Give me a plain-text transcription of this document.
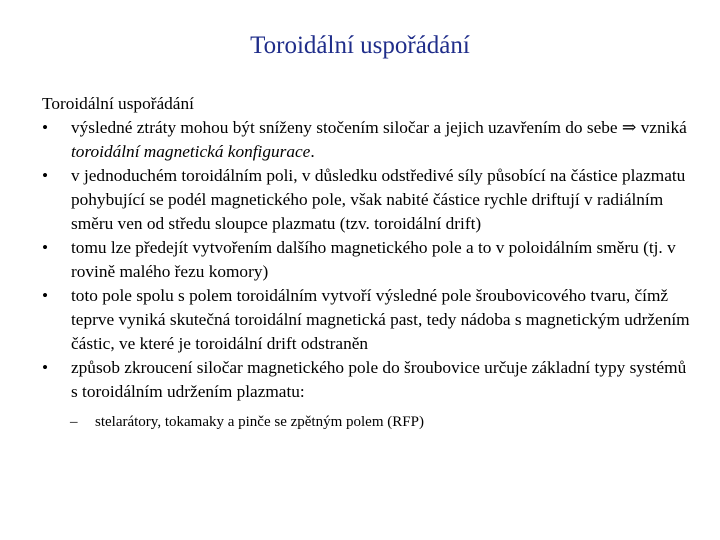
Toroidální uspořádání
Toroidální uspořádání
•	výsledné ztráty mohou být sníženy stočením siločar a jejich uzavřením do sebe ⇒ vzniká toroidální magnetická konfigurace.
•	v jednoduchém toroidálním poli, v důsledku odstředivé síly působící na částice plazmatu pohybující se podél magnetického pole, však nabité částice rychle driftují v radiálním směru ven od středu sloupce plazmatu (tzv. toroidální drift)
•	tomu lze předejít vytvořením dalšího magnetického pole a to v poloidálním směru (tj. v rovině malého řezu komory)
•	toto pole spolu s polem toroidálním vytvoří výsledné pole šroubovicového tvaru, čímž teprve vyniká skutečná toroidální magnetická past, tedy nádoba s magnetickým udržením částic, ve které je toroidální drift odstraněn
•	způsob zkroucení siločar magnetického pole do šroubovice určuje základní typy systémů s toroidálním udržením plazmatu:
– stelarátory, tokamaky a pinče se zpětným polem (RFP)
